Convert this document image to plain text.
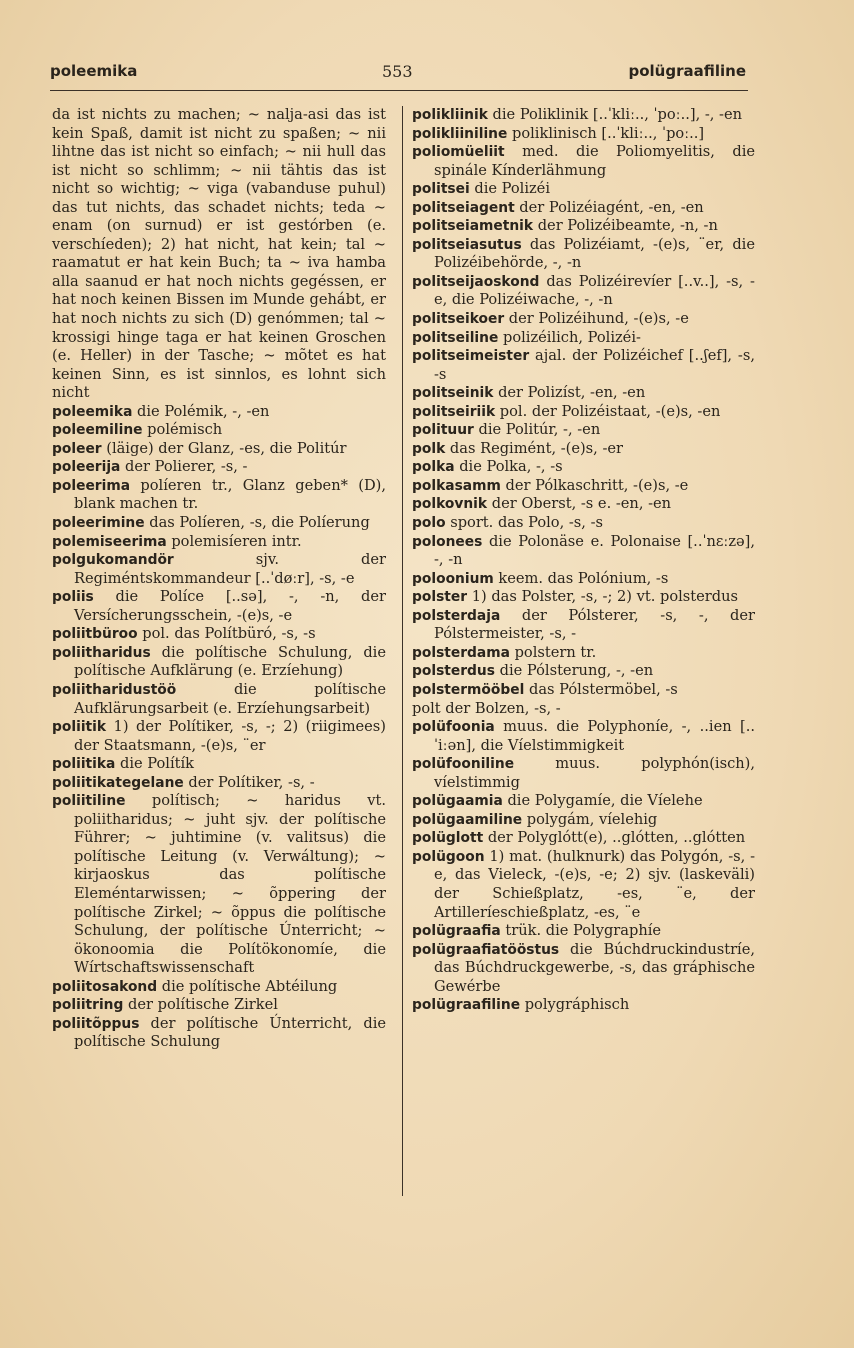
poleemika	553	polügraafiline

da ist nichts zu machen; ~ nalja-asi das ist kein Spaß, damit ist nicht zu spaßen; ~ nii lihtne das ist nicht so einfach; ~ nii hull das ist nicht so schlimm; ~ nii tähtis das ist nicht so wichtig; ~ viga (vabanduse puhul) das tut nichts, das schadet nichts; teda ~ enam (on surnud) er ist gestórben (e. verschíeden); 2) hat nicht, hat kein; tal ~ raamatut er hat kein Buch; ta ~ iva hamba alla saanud er hat noch nichts gegéssen, er hat noch keinen Bissen im Munde gehábt, er hat noch nichts zu sich (D) genómmen; tal ~ krossigi hinge taga er hat keinen Groschen (e. Heller) in der Tasche; ~ mõtet es hat keinen Sinn, es ist sinnlos, es lohnt sich nicht

poleemika die Polémik, -, -en

poleemiline polémisch

poleer (läige) der Glanz, -es, die Politúr

poleerija der Polierer, -s, -

poleerima políeren tr., Glanz geben* (D), blank machen tr.

poleerimine das Políeren, -s, die Políerung

polemiseerima polemisíeren intr.

polgukomandör sjv. der Regiméntskommandeur [..ˈdøːr], -s, -e

poliis die Políce [..sə], -, -n, der Versícherungsschein, -(e)s, -e

poliitbüroo pol. das Polítbüró, -s, -s

poliitharidus die polítische Schulung, die polítische Aufklärung (e. Erzíehung)

poliitharidustöö die polítische Aufklärungsarbeit (e. Erzíehungsarbeit)

poliitik 1) der Polítiker, -s, -; 2) (riigimees) der Staatsmann, -(e)s, ¨er

poliitika die Polítík

poliitikategelane der Polítiker, -s, -

poliitiline polítisch; ~ haridus vt. poliitharidus; ~ juht sjv. der polítische Führer; ~ juhtimine (v. valitsus) die polítische Leitung (v. Verwáltung); ~ kirjaoskus das polítische Eleméntarwissen; ~ õppering der polítische Zirkel; ~ õppus die polítische Schulung, der polítische Únterricht; ~ ökonoomia die Polítökonomíe, die Wírtschaftswissenschaft

poliitosakond die polítische Abtéilung

poliitring der polítische Zirkel

poliitõppus der polítische Únterricht, die polítische Schulung

polikliinik die Poliklinik [..ˈkliː.., ˈpoː..], -, -en

polikliiniline poliklinisch [..ˈkliː.., ˈpoː..]

poliomüeliit med. die Poliomyelitis, die spinále Kínderlähmung

politsei die Polizéi

politseiagent der Polizéiagént, -en, -en

politseiametnik der Polizéibeamte, -n, -n

politseiasutus das Polizéiamt, -(e)s, ¨er, die Polizéibehörde, -, -n

politseijaoskond das Polizéirevíer [..v..], -s, -e, die Polizéiwache, -, -n

politseikoer der Polizéihund, -(e)s, -e

politseiline polizéilich, Polizéi-

politseimeister ajal. der Polizéichef [..ʃef], -s, -s

politseinik der Polizíst, -en, -en

politseiriik pol. der Polizéistaat, -(e)s, -en

polituur die Politúr, -, -en

polk das Regimént, -(e)s, -er

polka die Polka, -, -s

polkasamm der Pólkaschritt, -(e)s, -e

polkovnik der Oberst, -s e. -en, -en

polo sport. das Polo, -s, -s

polonees die Polonäse e. Polonaise [..ˈnɛːzə], -, -n

poloonium keem. das Polónium, -s

polster 1) das Polster, -s, -; 2) vt. polsterdus

polsterdaja der Pólsterer, -s, -, der Pólstermeister, -s, -

polsterdama polstern tr.

polsterdus die Pólsterung, -, -en

polstermööbel das Pólstermöbel, -s

polt der Bolzen, -s, -

polüfoonia muus. die Polyphoníe, -, ..ien [..ˈiːən], die Víelstimmigkeit

polüfooniline muus. polyphón(isch), víelstimmig

polügaamia die Polygamíe, die Víelehe

polügaamiline polygám, víelehig

polüglott der Polyglótt(e), ..glótten, ..glótten

polügoon 1) mat. (hulknurk) das Polygón, -s, -e, das Vieleck, -(e)s, -e; 2) sjv. (laskeväli) der Schießplatz, -es, ¨e, der Artilleríeschießplatz, -es, ¨e

polügraafia trük. die Polygraphíe

polügraafiatööstus die Búchdruckindustríe, das Búchdruckgewerbe, -s, das gráphische Gewérbe

polügraafiline polygráphisch
